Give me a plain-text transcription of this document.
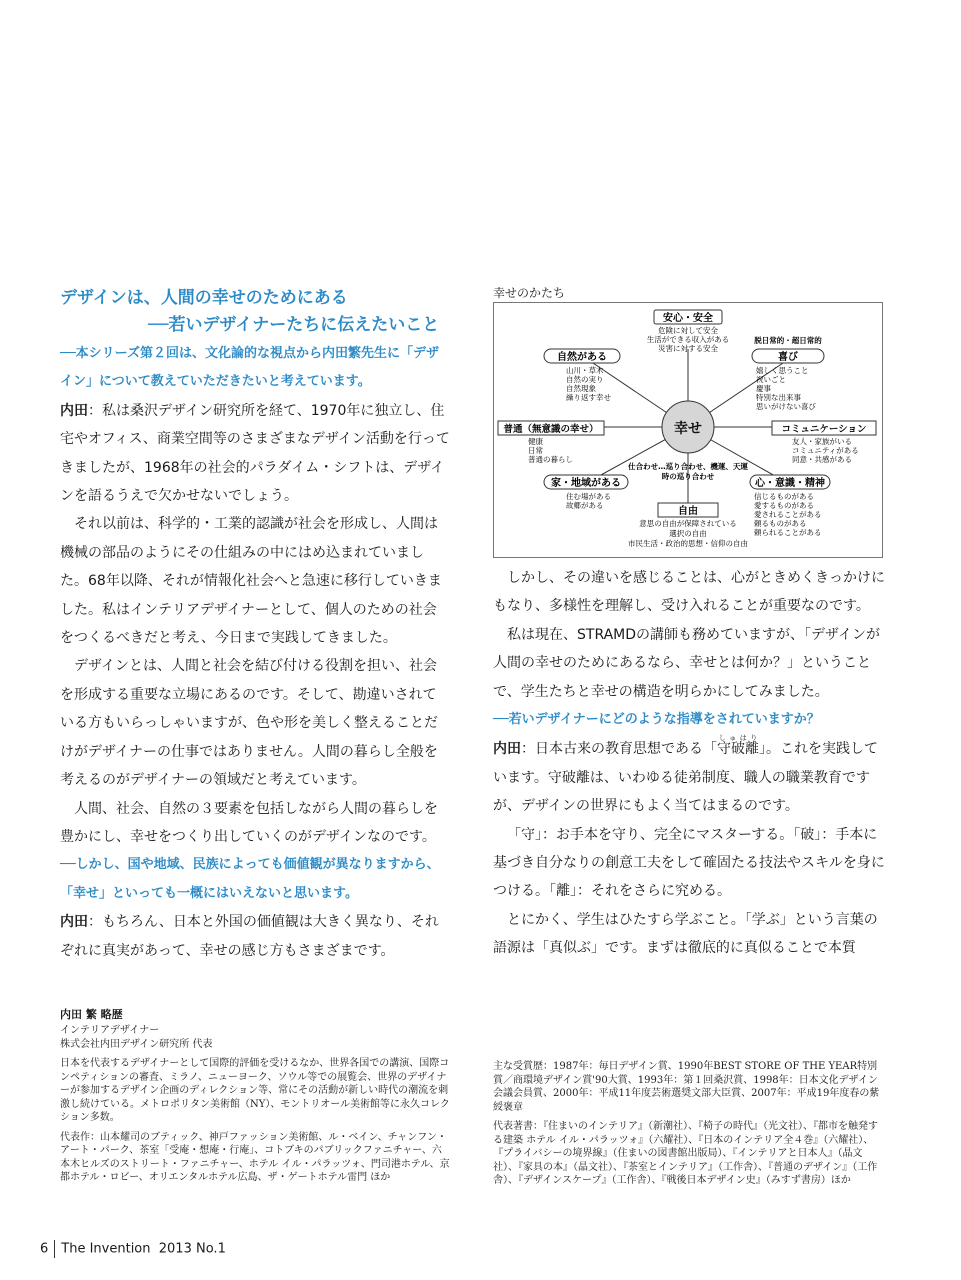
デザインは、人間の幸せのためにある
──若いデザイナーたちに伝えたいこと

──本シリーズ第２回は、文化論的な視点から内田繁先生に「デザイン」について教えていただきたいと考えています。

内田：私は桑沢デザイン研究所を経て、1970年に独立し、住宅やオフィス、商業空間等のさまざまなデザイン活動を行ってきましたが、1968年の社会的パラダイム・シフトは、デザインを語るうえで欠かせないでしょう。

それ以前は、科学的・工業的認識が社会を形成し、人間は機械の部品のようにその仕組みの中にはめ込まれていました。68年以降、それが情報化社会へと急速に移行していきました。私はインテリアデザイナーとして、個人のための社会をつくるべきだと考え、今日まで実践してきました。

デザインとは、人間と社会を結び付ける役割を担い、社会を形成する重要な立場にあるのです。そして、勘違いされている方もいらっしゃいますが、色や形を美しく整えることだけがデザイナーの仕事ではありません。人間の暮らし全般を考えるのがデザイナーの領域だと考えています。

人間、社会、自然の３要素を包括しながら人間の暮らしを豊かにし、幸せをつくり出していくのがデザインなのです。

──しかし、国や地域、民族によっても価値観が異なりますから、「幸せ」といっても一概にはいえないと思います。

内田：もちろん、日本と外国の価値観は大きく異なり、それぞれに真実があって、幸せの感じ方もさまざまです。

幸せのかたち
幸せ
安心・安全
危険に対して安全
生活ができる収入がある
災害に対する安全
自然がある
山川・草木
自然の実り
自然現象
繰り返す幸せ
脱日常的・超日常的
喜び
嬉しく思うこと
祝いごと
慶事
特別な出来事
思いがけない喜び
普通（無意識の幸せ）
健康
日常
普通の暮らし
コミュニケーション
友人・家族がいる
コミュニティがある
同意・共感がある
仕合わせ…巡り合わせ、機運、天運
時の巡り合わせ
家・地域がある
住む場がある
故郷がある
心・意識・精神
信じるものがある
愛するものがある
愛されることがある
頼るものがある
頼られることがある
自由
意思の自由が保障されている
選択の自由
市民生活・政治的思想・信仰の自由

しかし、その違いを感じることは、心がときめくきっかけにもなり、多様性を理解し、受け入れることが重要なのです。

私は現在、STRAMDの講師も務めていますが、「デザインが人間の幸せのためにあるなら、幸せとは何か？」ということで、学生たちと幸せの構造を明らかにしてみました。

──若いデザイナーにどのような指導をされていますか？

内田：日本古来の教育思想である「守破離しゅはり」。これを実践しています。守破離は、いわゆる徒弟制度、職人の職業教育ですが、デザインの世界にもよく当てはまるのです。

「守」：お手本を守り、完全にマスターする。「破」：手本に基づき自分なりの創意工夫をして確固たる技法やスキルを身につける。「離」：それをさらに究める。

とにかく、学生はひたすら学ぶこと。「学ぶ」という言葉の語源は「真似ぶ」です。まずは徹底的に真似ることで本質

内田 繁 略歴
インテリアデザイナー
株式会社内田デザイン研究所 代表

日本を代表するデザイナーとして国際的評価を受けるなか、世界各国での講演、国際コンペティションの審査、ミラノ、ニューヨーク、ソウル等での展覧会、世界のデザイナーが参加するデザイン企画のディレクション等、常にその活動が新しい時代の潮流を刺激し続けている。メトロポリタン美術館（NY）、モントリオール美術館等に永久コレクション多数。

代表作：山本耀司のブティック、神戸ファッション美術館、ル・ベイン、チャンフン・アート・パーク、茶室「受庵・想庵・行庵」、コトブキのパブリックファニチャー、六本木ヒルズのストリート・ファニチャー、ホテル イル・パラッツォ、門司港ホテル、京都ホテル・ロビー、オリエンタルホテル広島、ザ・ゲートホテル雷門 ほか

主な受賞歴：1987年：毎日デザイン賞、1990年BEST STORE OF THE YEAR特別賞／商環境デザイン賞'90大賞、1993年：第１回桑沢賞、1998年：日本文化デザイン会議会員賞、2000年：平成11年度芸術選奨文部大臣賞、2007年：平成19年度春の紫綬褒章

代表著書：『住まいのインテリア』（新潮社）、『椅子の時代』（光文社）、『都市を触発する建築 ホテル イル・パラッツォ』（六耀社）、『日本のインテリア全４巻』（六耀社）、『プライバシーの境界線』（住まいの図書館出版局）、『インテリアと日本人』（晶文社）、『家具の本』（晶文社）、『茶室とインテリア』（工作舎）、『普通のデザイン』（工作舎）、『デザインスケープ』（工作舎）、『戦後日本デザイン史』（みすず書房）ほか

6 The Invention 2013 No.1
